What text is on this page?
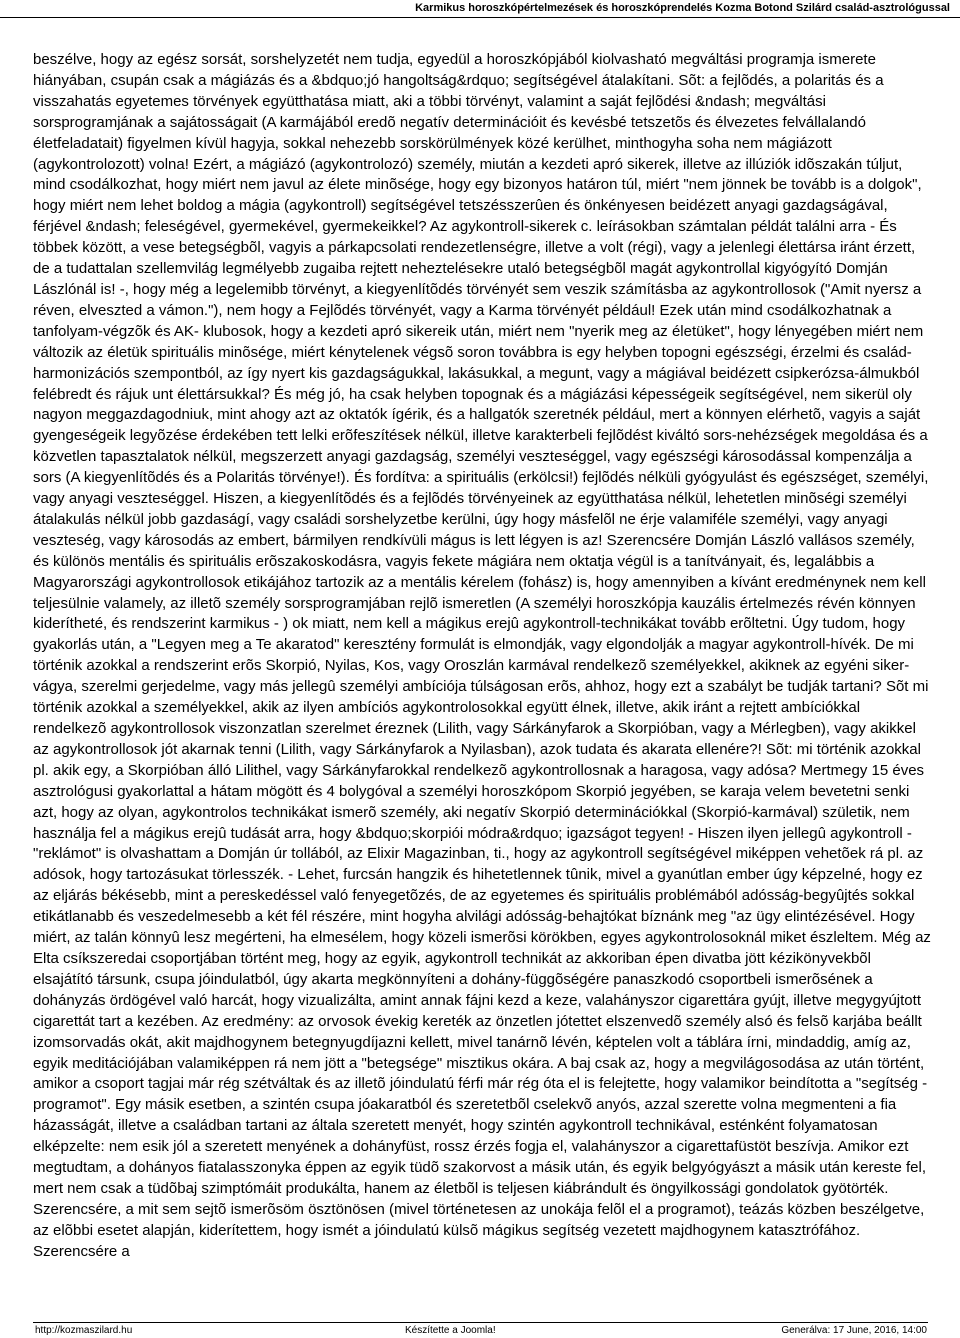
Karmikus horoszkópértelmezések és horoszkóprendelés Kozma Botond Szilárd család-asztrológussal

beszélve, hogy az egész sorsát, sorshelyzetét nem tudja, egyedül a horoszkópjából kiolvasható megváltási programja ismerete hiányában, csupán csak a mágiázás és a &bdquo;jó hangoltság&rdquo; segítségével átalakítani. Sõt: a fejlõdés, a polaritás és a visszahatás egyetemes törvények együtthatása miatt, aki a többi törvényt, valamint a saját fejlõdési &ndash; megváltási sorsprogramjának a sajátosságait (A karmájából eredõ negatív determinációit és kevésbé tetszetõs és élvezetes felvállalandó életfeladatait) figyelmen kívül hagyja, sokkal nehezebb sorskörülmények közé kerülhet, minthogyha soha nem mágiázott (agykontrolozott) volna! Ezért, a mágiázó (agykontrolozó) személy, miután a kezdeti apró sikerek, illetve az illúziók idõszakán túljut, mind csodálkozhat, hogy miért nem javul az élete minõsége, hogy egy bizonyos határon túl, miért "nem jönnek be tovább is a dolgok", hogy miért nem lehet boldog a mágia (agykontroll) segítségével tetszésszerûen és önkényesen beidézett anyagi gazdagságával, férjével &ndash; feleségével, gyermekével, gyermekeikkel? Az agykontroll-sikerek c. leírásokban számtalan példát találni arra - És többek között, a vese betegségbõl, vagyis a párkapcsolati rendezetlenségre, illetve a volt (régi), vagy a jelenlegi élettársa iránt érzett, de a tudattalan szellemvilág legmélyebb zugaiba rejtett neheztelésekre utaló betegségbõl magát agykontrollal kigyógyító Domján Lászlónál is! -, hogy még a legelemibb törvényt, a kiegyenlítõdés törvényét sem veszik számításba az agykontrollosok ("Amit nyersz a réven, elveszted a vámon."), nem hogy a Fejlõdés törvényét, vagy a Karma törvényét például! Ezek után mind csodálkozhatnak a tanfolyam-végzõk és AK- klubosok, hogy a kezdeti apró sikereik után, miért nem "nyerik meg az életüket", hogy lényegében miért nem változik az életük spirituális minõsége, miért kénytelenek végsõ soron továbbra is egy helyben topogni egészségi, érzelmi és család-harmonizációs szempontból, az így nyert kis gazdagságukkal, lakásukkal, a megunt, vagy a mágiával beidézett csipkerózsa-álmukból felébredt és rájuk unt élettársukkal? És még jó, ha csak helyben topognak és a mágiázási képességeik segítségével, nem sikerül oly nagyon meggazdagodniuk, mint ahogy azt az oktatók ígérik, és a hallgatók szeretnék például, mert a könnyen elérhetõ, vagyis a saját gyengeségeik legyõzése érdekében tett lelki erõfeszítések nélkül, illetve karakterbeli fejlõdést kiváltó sors-nehézségek megoldása és a közvetlen tapasztalatok nélkül, megszerzett anyagi gazdagság, személyi veszteséggel, vagy egészségi károsodással kompenzálja a sors (A kiegyenlítõdés és a Polaritás törvénye!). És fordítva: a spirituális (erkölcsi!) fejlõdés nélküli gyógyulást és egészséget, személyi, vagy anyagi veszteséggel. Hiszen, a kiegyenlítõdés és a fejlõdés törvényeinek az együtthatása nélkül, lehetetlen minõségi személyi átalakulás nélkül jobb gazdaságí, vagy családi sorshelyzetbe kerülni, úgy hogy másfelõl ne érje valamiféle személyi, vagy anyagi veszteség, vagy károsodás az embert, bármilyen rendkívüli mágus is lett légyen is az! Szerencsére Domján László vallásos személy, és különös mentális és spirituális erõszakoskodásra, vagyis fekete mágiára nem oktatja végül is a tanítványait, és, legalábbis a Magyarországi agykontrollosok etikájához tartozik az a mentális kérelem (fohász) is, hogy amennyiben a kívánt eredménynek nem kell teljesülnie valamely, az illetõ személy sorsprogramjában rejlõ ismeretlen (A személyi horoszkópja kauzális értelmezés révén könnyen kiderítheté, és rendszerint karmikus - ) ok miatt, nem kell a mágikus erejû agykontroll-technikákat tovább erõltetni. Úgy tudom, hogy gyakorlás után, a "Legyen meg a Te akaratod" keresztény formulát is elmondják, vagy elgondolják a magyar agykontroll-hívék. De mi történik azokkal a rendszerint erõs Skorpió, Nyilas, Kos, vagy Oroszlán karmával rendelkezõ személyekkel, akiknek az egyéni siker-vágya, szerelmi gerjedelme, vagy más jellegû személyi ambíciója túlságosan erõs, ahhoz, hogy ezt a szabályt be tudják tartani? Sõt mi történik azokkal a személyekkel, akik az ilyen ambíciós agykontrolosokkal együtt élnek, illetve, akik iránt a rejtett ambíciókkal rendelkezõ agykontrollosok viszonzatlan szerelmet éreznek (Lilith, vagy Sárkányfarok a Skorpióban, vagy a Mérlegben), vagy akikkel az agykontrollosok jót akarnak tenni (Lilith, vagy Sárkányfarok a Nyilasban), azok tudata és akarata ellenére?! Sõt: mi történik azokkal pl. akik egy, a Skorpióban álló Lilithel, vagy Sárkányfarokkal rendelkezõ agykontrollosnak a haragosa, vagy adósa? Mertmegy 15 éves asztrológusi gyakorlattal a hátam mögött és 4 bolygóval a személyi horoszkópom Skorpió jegyében, se karaja velem bevetetni senki azt, hogy az olyan, agykontrolos technikákat ismerõ személy, aki negatív Skorpió determinációkkal (Skorpió-karmával) születik, nem használja fel a mágikus erejû tudását arra, hogy &bdquo;skorpiói módra&rdquo; igazságot tegyen! - Hiszen ilyen jellegû agykontroll - "reklámot" is olvashattam a Domján úr tollából, az Elixir Magazinban, ti., hogy az agykontroll segítségével miképpen vehetõek rá pl. az adósok, hogy tartozásukat törlesszék. - Lehet, furcsán hangzik és hihetetlennek tûnik, mivel a gyanútlan ember úgy képzelné, hogy ez az eljárás békésebb, mint a pereskedéssel való fenyegetõzés, de az egyetemes és spirituális problémából adósság-begyûjtés sokkal etikátlanabb és veszedelmesebb a két fél részére, mint hogyha alvilági adósság-behajtókat bíznánk meg "az ügy elintézésével. Hogy miért, az talán könnyû lesz megérteni, ha elmesélem, hogy közeli ismerõsi körökben, egyes agykontrolosoknál miket észleltem. Még az Elta csíkszeredai csoportjában történt meg, hogy az egyik, agykontroll technikát az akkoriban épen divatba jött kézikönyvekbõl elsajátító társunk, csupa jóindulatból, úgy akarta megkönnyíteni a dohány-függõségére panaszkodó csoportbeli ismerõsének a dohányzás ördögével való harcát, hogy vizualizálta, amint annak fájni kezd a keze, valahányszor cigarettára gyújt, illetve megygyújtott cigarettát tart a kezében. Az eredmény: az orvosok évekig kereték az önzetlen jótettet elszenvedõ személy alsó és felsõ karjába beállt izomsorvadás okát, akit majdhogynem betegnyugdíjazni kellett, mivel tanárnõ lévén, képtelen volt a táblára írni, mindaddig, amíg az, egyik meditációjában valamiképpen rá nem jött a "betegsége" misztikus okára. A baj csak az, hogy a megvilágosodása az után történt, amikor a csoport tagjai már rég szétváltak és az illetõ jóindulatú férfi már rég óta el is felejtette, hogy valamikor beindította a "segítség - programot". Egy másik esetben, a szintén csupa jóakaratból és szeretetbõl cselekvõ anyós, azzal szerette volna megmenteni a fia házasságát, illetve a családban tartani az általa szeretett menyét, hogy szintén agykontroll technikával, esténként folyamatosan elképzelte: nem esik jól a szeretett menyének a dohányfüst, rossz érzés fogja el, valahányszor a cigarettafüstöt beszívja. Amikor ezt megtudtam, a dohányos fiatalasszonyka éppen az egyik tüdõ szakorvost a másik után, és egyik belgyógyászt a másik után kereste fel, mert nem csak a tüdõbaj szimptómáit produkálta, hanem az életbõl is teljesen kiábrándult és öngyilkossági gondolatok gyötörték. Szerencsére, a mit sem sejtõ ismerõsöm ösztönösen (mivel történetesen az unokája felõl el a programot), teázás közben beszélgetve, az elõbbi esetet alapján, kiderítettem, hogy ismét a jóindulatú külsõ mágikus segítség vezetett majdhogynem katasztrófához. Szerencsére a

http://kozmaszilard.hu	Készítette a Joomla!	Generálva: 17 June, 2016, 14:00
